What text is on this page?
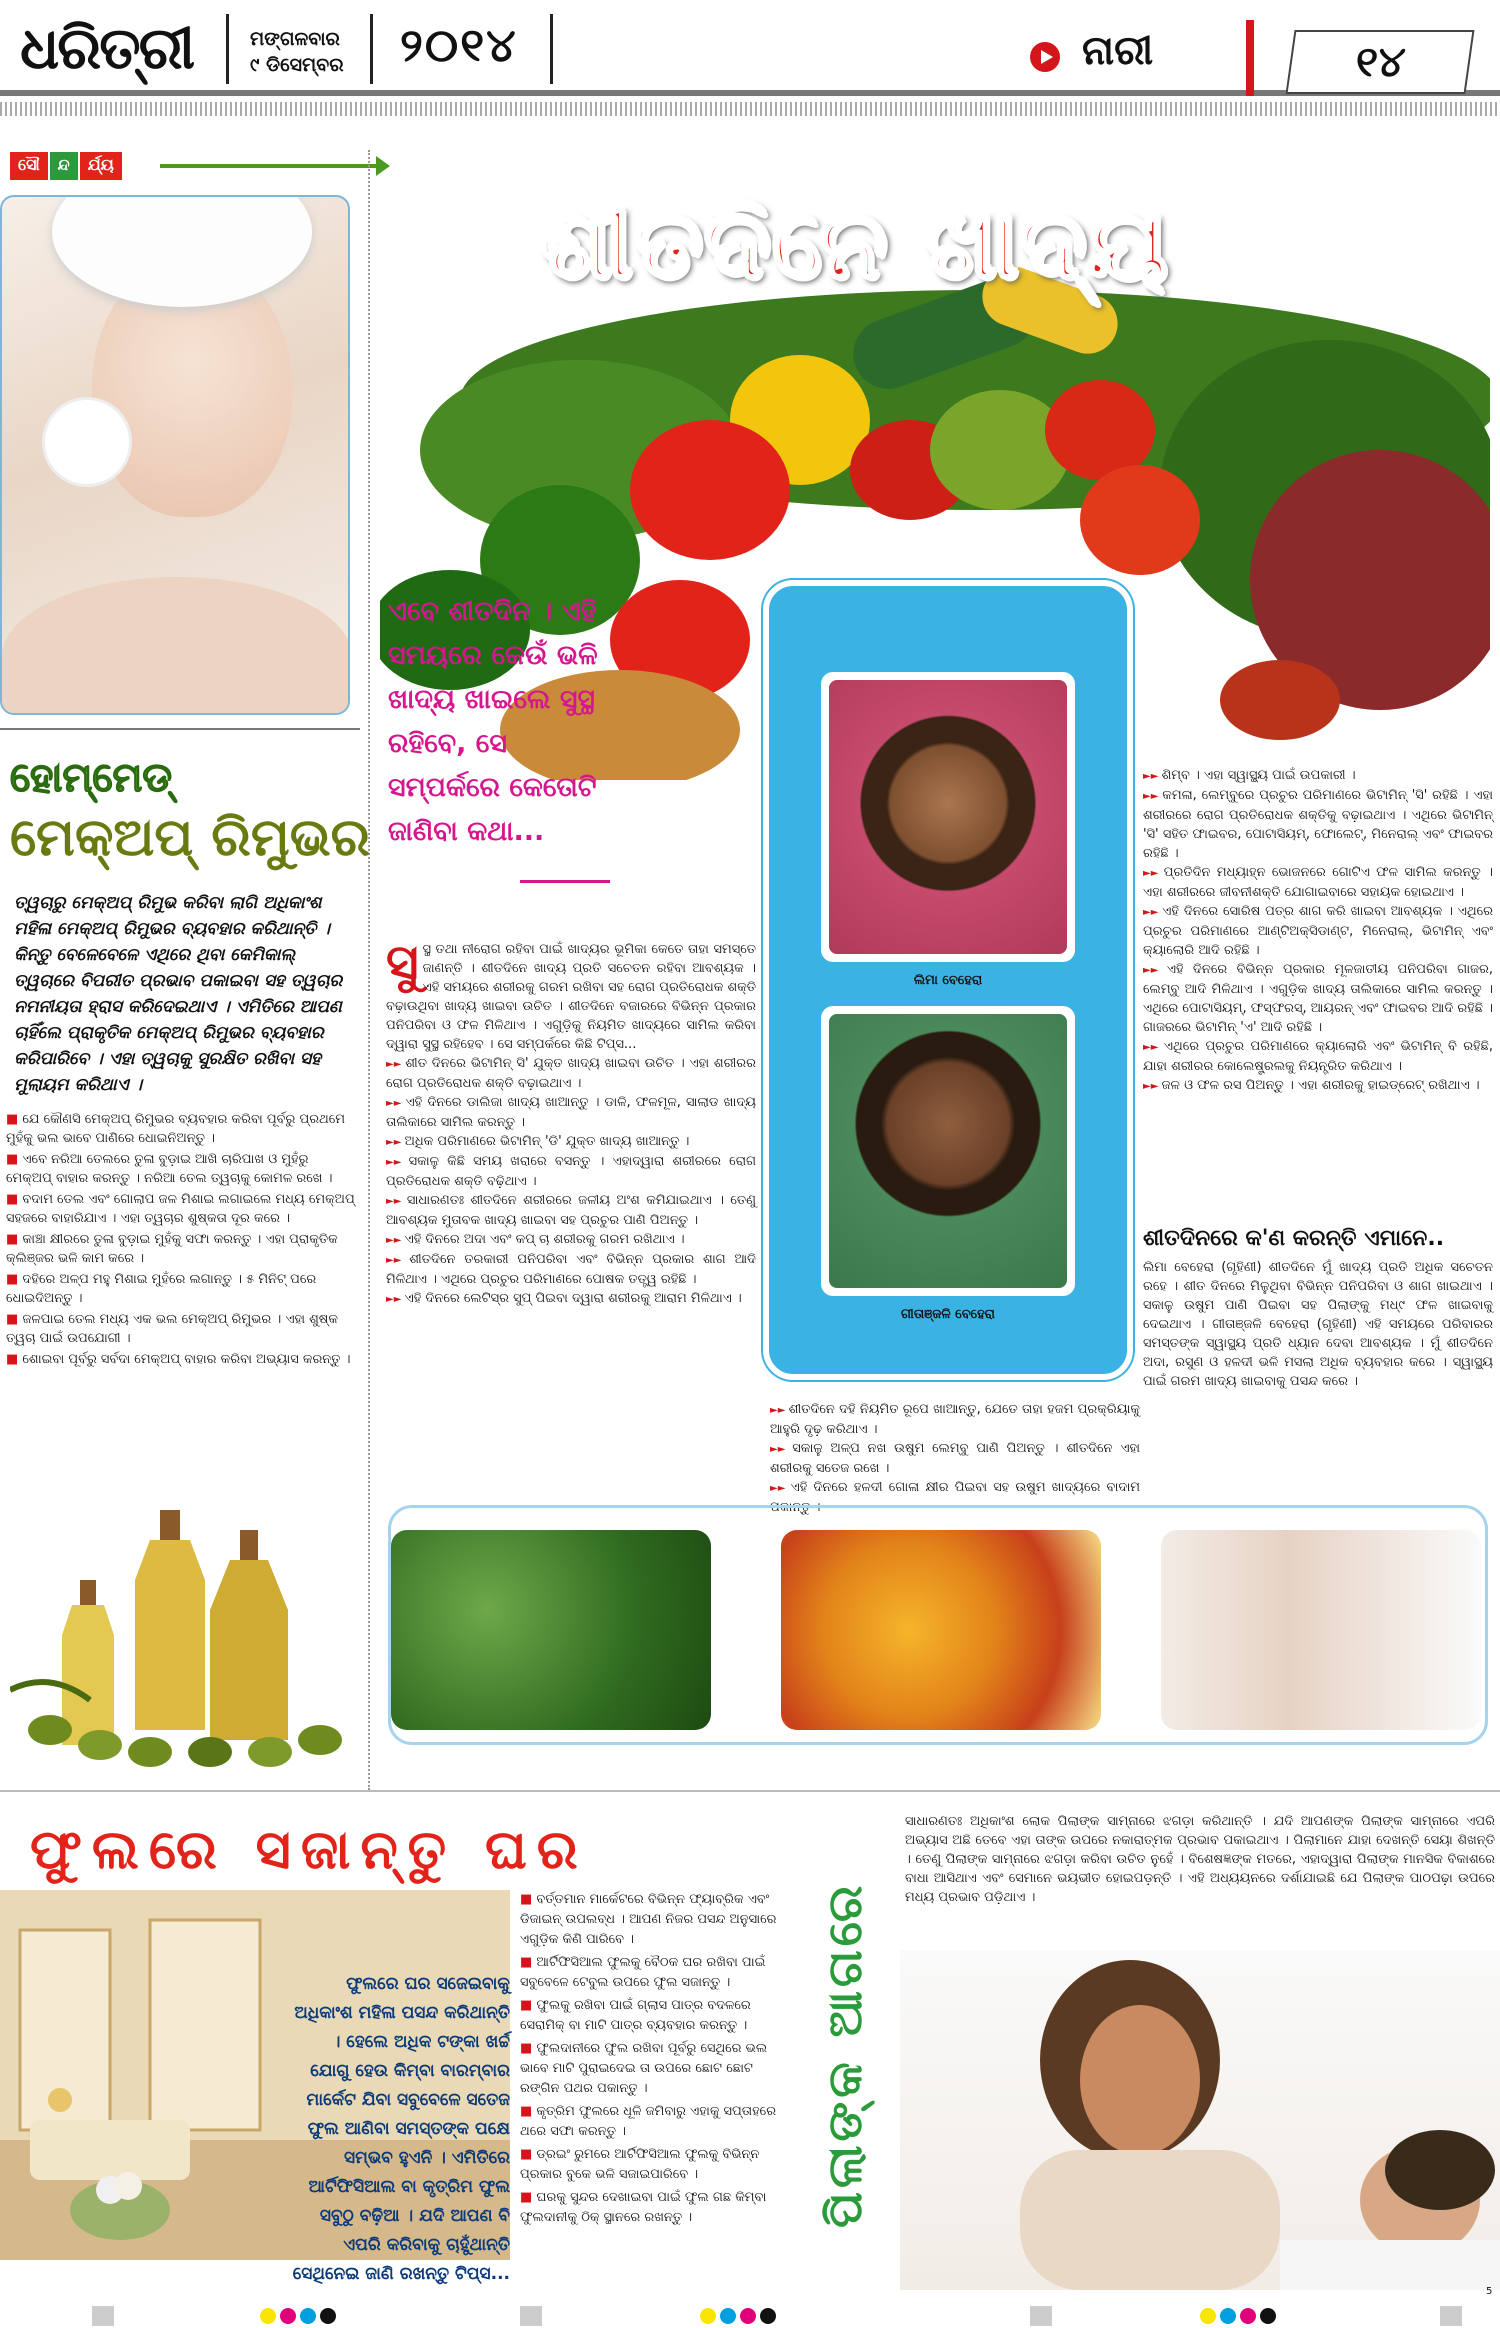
ଧରିତ୍ରୀ	ମଙ୍ଗଳବାର
୯ ଡିସେମ୍ବର ୨୦୧୪	ନାରୀ	୧୪
ସୌ	ନ୍ଦ	ର୍ଯ୍ୟ
ହୋମ୍‌ମେଡ୍‌
ମେକ୍‌ଅପ୍‌ ରିମୁଭର
ତ୍ୱଚାରୁ ମେକ୍‌ଅପ୍‌ ରିମୁଭ କରିବା ଲାଗି ଅଧିକାଂଶ ମହିଳା ମେକ୍‌ଅପ୍‌ ରିମୁଭର ବ୍ୟବହାର କରିଥାନ୍ତି । କିନ୍ତୁ ବେଳେବେଳେ ଏଥିରେ ଥିବା କେମିକାଲ୍‌ ତ୍ୱଚାରେ ବିପରୀତ ପ୍ରଭାବ ପକାଇବା ସହ ତ୍ୱଚାର ନମନୀୟତା ହ୍ରାସ କରିଦେଇଥାଏ । ଏମିତିରେ ଆପଣ ଚାହିଁଲେ ପ୍ରାକୃତିକ ମେକ୍‌ଅପ୍‌ ରିମୁଭର ବ୍ୟବହାର କରିପାରିବେ । ଏହା ତ୍ୱଚାକୁ ସୁରକ୍ଷିତ ରଖିବା ସହ ମୁଲାୟମ କରିଥାଏ ।

■ ଯେ କୌଣସି ମେକ୍‌ଅପ୍‌ ରିମୁଭର ବ୍ୟବହାର କରିବା ପୂର୍ବରୁ ପ୍ରଥମେ ମୁହଁକୁ ଭଲ ଭାବେ ପାଣିରେ ଧୋଇନିଅନ୍ତୁ ।

■ ଏବେ ନରିଆ ତେଲରେ ତୁଳା ବୁଡ଼ାଇ ଆଖି ଚାରିପାଖ ଓ ମୁହଁରୁ ମେକ୍‌ଅପ୍‌ ବାହାର କରନ୍ତୁ । ନରିଆ ତେଲ ତ୍ୱଚାକୁ କୋମଳ ରଖେ ।

■ ବଦାମ ତେଲ ଏବଂ ଗୋଲାପ ଜଳ ମିଶାଇ ଲଗାଇଲେ ମଧ୍ୟ ମେକ୍‌ଅପ୍‌ ସହଜରେ ବାହାରିଯାଏ । ଏହା ତ୍ୱଚାର ଶୁଷ୍କତା ଦୂର କରେ ।

■ କାଞ୍ଚା କ୍ଷୀରରେ ତୁଳା ବୁଡ଼ାଇ ମୁହଁକୁ ସଫା କରନ୍ତୁ । ଏହା ପ୍ରାକୃତିକ କ୍ଲିଞ୍ଜର ଭଳି କାମ କରେ ।

■ ଦହିରେ ଅଳ୍ପ ମହୁ ମିଶାଇ ମୁହଁରେ ଲଗାନ୍ତୁ । ୫ ମିନିଟ୍‌ ପରେ ଧୋଇଦିଅନ୍ତୁ ।

■ ଜଳପାଇ ତେଲ ମଧ୍ୟ ଏକ ଭଲ ମେକ୍‌ଅପ୍‌ ରିମୁଭର । ଏହା ଶୁଷ୍କ ତ୍ୱଚା ପାଇଁ ଉପଯୋଗୀ ।

■ ଶୋଇବା ପୂର୍ବରୁ ସର୍ବଦା ମେକ୍‌ଅପ୍‌ ବାହାର କରିବା ଅଭ୍ୟାସ କରନ୍ତୁ ।

ଶୀତଦିନେ ଖାଦ୍ୟ
ଏବେ ଶୀତଦିନ । ଏହି ସମୟରେ କେଉଁ ଭଳି ଖାଦ୍ୟ ଖାଇଲେ ସୁସ୍ଥ ରହିବେ, ସେ ସମ୍ପର୍କରେ କେତୋଟି ଜାଣିବା କଥା...
ଲିମା ବେହେରା
ଗୀତାଞ୍ଜଳି ବେହେରା
ସୁ ସ୍ଥ ତଥା ନୀରୋଗ ରହିବା ପାଇଁ ଖାଦ୍ୟର ଭୂମିକା କେତେ ତାହା ସମସ୍ତେ ଜାଣନ୍ତି । ଶୀତଦିନେ ଖାଦ୍ୟ ପ୍ରତି ସଚେତନ ରହିବା ଆବଶ୍ୟକ । ଏହି ସମୟରେ ଶରୀରକୁ ଗରମ ରଖିବା ସହ ରୋଗ ପ୍ରତିରୋଧକ ଶକ୍ତି ବଢ଼ାଉଥିବା ଖାଦ୍ୟ ଖାଇବା ଉଚିତ । ଶୀତଦିନେ ବଜାରରେ ବିଭିନ୍ନ ପ୍ରକାର ପନିପରିବା ଓ ଫଳ ମିଳିଥାଏ । ଏଗୁଡ଼ିକୁ ନିୟମିତ ଖାଦ୍ୟରେ ସାମିଲ କରିବା ଦ୍ୱାରା ସୁସ୍ଥ ରହିହେବ । ସେ ସମ୍ପର୍କରେ କିଛି ଟିପ୍ସ...

►► ଶୀତ ଦିନରେ ଭିଟାମିନ୍‌ ସି' ଯୁକ୍ତ ଖାଦ୍ୟ ଖାଇବା ଉଚିତ । ଏହା ଶରୀରର ରୋଗ ପ୍ରତିରୋଧକ ଶକ୍ତି ବଢ଼ାଇଥାଏ ।

►► ଏହି ଦିନରେ ଡାଲିଜା ଖାଦ୍ୟ ଖାଆନ୍ତୁ । ଡାଳି, ଫଳମୂଳ, ସାଲାଡ ଖାଦ୍ୟ ତାଲିକାରେ ସାମିଲ କରନ୍ତୁ ।

►► ଅଧିକ ପରିମାଣରେ ଭିଟାମିନ୍‌ 'ଡି' ଯୁକ୍ତ ଖାଦ୍ୟ ଖାଆନ୍ତୁ ।

►► ସକାଳୁ କିଛି ସମୟ ଖରାରେ ବସନ୍ତୁ । ଏହାଦ୍ୱାରା ଶରୀରରେ ରୋଗ ପ୍ରତିରୋଧକ ଶକ୍ତି ବଢ଼ିଥାଏ ।

►► ସାଧାରଣତଃ ଶୀତଦିନେ ଶରୀରରେ ଜଳୀୟ ଅଂଶ କମିଯାଇଥାଏ । ତେଣୁ ଆବଶ୍ୟକ ମୁତାବକ ଖାଦ୍ୟ ଖାଇବା ସହ ପ୍ରଚୁର ପାଣି ପିଅନ୍ତୁ ।

►► ଏହି ଦିନରେ ଅଦା ଏବଂ କପ୍‌ ଚା ଶରୀରକୁ ଗରମ ରଖିଥାଏ ।

►► ଶୀତଦିନେ ତରକାରୀ ପନିପରିବା ଏବଂ ବିଭିନ୍ନ ପ୍ରକାର ଶାଗ ଆଦି ମିଳିଥାଏ । ଏଥିରେ ପ୍ରଚୁର ପରିମାଣରେ ପୋଷକ ତତ୍ତ୍ୱ ରହିଛି ।

►► ଏହି ଦିନରେ ଲେଟିସ୍‌ର ସୁପ୍‌ ପିଇବା ଦ୍ୱାରା ଶରୀରକୁ ଆରାମ ମିଳିଥାଏ ।

►► ଶୀତଦିନେ ଦହି ନିୟମିତ ରୂପେ ଖାଆନ୍ତୁ, ଯେତେ ତାହା ହଜମ ପ୍ରକ୍ରିୟାକୁ ଆହୁରି ଦୃଢ଼ କରିଥାଏ ।

►► ସକାଳୁ ଅଳ୍ପ ନଖ ଉଷୁମ ଲେମ୍ବୁ ପାଣି ପିଅନ୍ତୁ । ଶୀତଦିନେ ଏହା ଶରୀରକୁ ସତେଜ ରଖେ ।

►► ଏହି ଦିନରେ ହଳଦୀ ଗୋଳା କ୍ଷୀର ପିଇବା ସହ ଉଷୁମ ଖାଦ୍ୟରେ ବାଦାମ ପକାନ୍ତୁ ।

►► ଶିମ୍ବ । ଏହା ସ୍ୱାସ୍ଥ୍ୟ ପାଇଁ ଉପକାରୀ ।

►► କମଳା, ଲେମ୍ବୁରେ ପ୍ରଚୁର ପରିମାଣରେ ଭିଟାମିନ୍‌ 'ସି' ରହିଛି । ଏହା ଶରୀରରେ ରୋଗ ପ୍ରତିରୋଧକ ଶକ୍ତିକୁ ବଢ଼ାଇଥାଏ । ଏଥିରେ ଭିଟାମିନ୍‌ 'ସି' ସହିତ ଫାଇବର, ପୋଟାସିୟମ୍‌, ଫୋଲେଟ୍‌, ମିନେରାଲ୍‌ ଏବଂ ଫାଇବର ରହିଛି ।

►► ପ୍ରତିଦିନ ମଧ୍ୟାହ୍ନ ଭୋଜନରେ ଗୋଟିଏ ଫଳ ସାମିଲ କରନ୍ତୁ । ଏହା ଶରୀରରେ ଜୀବନୀଶକ୍ତି ଯୋଗାଇବାରେ ସହାୟକ ହୋଇଥାଏ ।

►► ଏହି ଦିନରେ ସୋରିଷ ପତ୍ର ଶାଗ କରି ଖାଇବା ଆବଶ୍ୟକ । ଏଥିରେ ପ୍ରଚୁର ପରିମାଣରେ ଆଣ୍ଟିଅକ୍ସିଡାଣ୍ଟ, ମିନେରାଲ୍‌, ଭିଟାମିନ୍‌ ଏବଂ କ୍ୟାଲୋରି ଆଦି ରହିଛି ।

►► ଏହି ଦିନରେ ବିଭିନ୍ନ ପ୍ରକାର ମୂଳଜାତୀୟ ପନିପରିବା ଗାଜର, ଲେମ୍ବୁ ଆଦି ମିଳିଥାଏ । ଏଗୁଡ଼ିକ ଖାଦ୍ୟ ତାଲିକାରେ ସାମିଲ କରନ୍ତୁ । ଏଥିରେ ପୋଟାସିୟମ୍‌, ଫସ୍‌ଫରସ୍‌, ଆୟରନ୍‌ ଏବଂ ଫାଇବର ଆଦି ରହିଛି । ଗାଜରରେ ଭିଟାମିନ୍‌ 'ଏ' ଆଦି ରହିଛି ।

►► ଏଥିରେ ପ୍ରଚୁର ପରିମାଣରେ କ୍ୟାଲୋରି ଏବଂ ଭିଟାମିନ୍‌ ବି ରହିଛି, ଯାହା ଶରୀରର କୋଲେଷ୍ଟ୍ରଲକୁ ନିୟନ୍ତ୍ରିତ କରିଥାଏ ।

►► ଜଳ ଓ ଫଳ ରସ ପିଅନ୍ତୁ । ଏହା ଶରୀରକୁ ହାଇଡ୍ରେଟ୍‌ ରଖିଥାଏ ।

ଶୀତଦିନରେ କ'ଣ କରନ୍ତି ଏମାନେ..

ଲିମା ବେହେରା (ଗୃହିଣୀ) ଶୀତଦିନେ ମୁଁ ଖାଦ୍ୟ ପ୍ରତି ଅଧିକ ସଚେତନ ରହେ । ଶୀତ ଦିନରେ ମିଳୁଥିବା ବିଭିନ୍ନ ପନିପରିବା ଓ ଶାଗ ଖାଇଥାଏ । ସକାଳୁ ଉଷୁମ ପାଣି ପିଇବା ସହ ପିଲାଙ୍କୁ ମଧ୍୯ ଫଳ ଖାଇବାକୁ ଦେଇଥାଏ । ଗୀତାଞ୍ଜଳି ବେହେରା (ଗୃହିଣୀ) ଏହି ସମୟରେ ପରିବାରର ସମସ୍ତଙ୍କ ସ୍ୱାସ୍ଥ୍ୟ ପ୍ରତି ଧ୍ୟାନ ଦେବା ଆବଶ୍ୟକ । ମୁଁ ଶୀତଦିନେ ଅଦା, ରସୁଣ ଓ ହଳଦୀ ଭଳି ମସଲା ଅଧିକ ବ୍ୟବହାର କରେ । ସ୍ୱାସ୍ଥ୍ୟ ପାଇଁ ଗରମ ଖାଦ୍ୟ ଖାଇବାକୁ ପସନ୍ଦ କରେ ।

ଫୁଲରେ ସଜାନ୍ତୁ ଘର
ଫୁଲରେ ଘର ସଜେଇବାକୁ ଅଧିକାଂଶ ମହିଳା ପସନ୍ଦ କରିଥାନ୍ତି । ହେଲେ ଅଧିକ ଟଙ୍କା ଖର୍ଚ୍ଚ ଯୋଗୁ ହେଉ କିମ୍ବା ବାରମ୍ବାର ମାର୍କେଟ ଯିବା ସବୁବେଳେ ସତେଜ ଫୁଲ ଆଣିବା ସମସ୍ତଙ୍କ ପକ୍ଷେ ସମ୍ଭବ ହୁଏନି । ଏମିତିରେ ଆର୍ଟିଫିସିଆଲ ବା କୃତ୍ରିମ ଫୁଲ ସବୁଠୁ ବଢ଼ିଆ । ଯଦି ଆପଣ ବି ଏପରି କରିବାକୁ ଚାହୁଁଥାନ୍ତି ସେଥିନେଇ ଜାଣି ରଖନ୍ତୁ ଟିପ୍ସ...

■ ବର୍ତ୍ତମାନ ମାର୍କେଟରେ ବିଭିନ୍ନ ଫ୍ୟାବ୍ରିକ ଏବଂ ଡିଜାଇନ୍‌ ଉପଲବ୍ଧ । ଆପଣ ନିଜର ପସନ୍ଦ ଅନୁସାରେ ଏଗୁଡ଼ିକ କିଣି ପାରିବେ ।

■ ଆର୍ଟିଫିସିଆଲ ଫୁଲକୁ ବୈଠକ ଘର ରଖିବା ପାଇଁ ସବୁବେଳେ ଟେବୁଲ ଉପରେ ଫୁଲ ସଜାନ୍ତୁ ।

■ ଫୁଲକୁ ରଖିବା ପାଇଁ ଗ୍ଲାସ ପାତ୍ର ବଦଳରେ ସେରାମିକ୍‌ ବା ମାଟି ପାତ୍ର ବ୍ୟବହାର କରନ୍ତୁ ।

■ ଫୁଲଦାନୀରେ ଫୁଲ ରଖିବା ପୂର୍ବରୁ ସେଥିରେ ଭଲ ଭାବେ ମାଟି ପୁରାଇଦେଇ ତା ଉପରେ ଛୋଟ ଛୋଟ ରଙ୍ଗିନ ପଥର ପକାନ୍ତୁ ।

■ କୃତ୍ରିମ ଫୁଲରେ ଧୂଳି ଜମିବାରୁ ଏହାକୁ ସପ୍ତାହରେ ଥରେ ସଫା କରନ୍ତୁ ।

■ ଡ୍ରଇଂ ରୁମରେ ଆର୍ଟିଫିସିଆଲ ଫୁଲକୁ ବିଭିନ୍ନ ପ୍ରକାର ବୁକେ ଭଳି ସଜାଇପାରିବେ ।

■ ଘରକୁ ସୁନ୍ଦର ଦେଖାଇବା ପାଇଁ ଫୁଲ ଗଛ କିମ୍ବା ଫୁଲଦାନୀକୁ ଠିକ୍‌ ସ୍ଥାନରେ ରଖନ୍ତୁ ।	ପିଲାଙ୍କ ଆଗରେ
ସାଧାରଣତଃ ଅଧିକାଂଶ ଲୋକ ପିଲାଙ୍କ ସାମ୍ନାରେ ଝଗଡ଼ା କରିଥାନ୍ତି । ଯଦି ଆପଣଙ୍କ ପିଲାଙ୍କ ସାମ୍ନାରେ ଏପରି ଅଭ୍ୟାସ ଅଛି ତେବେ ଏହା ତାଙ୍କ ଉପରେ ନକାରାତ୍ମକ ପ୍ରଭାବ ପକାଇଥାଏ । ପିଲାମାନେ ଯାହା ଦେଖନ୍ତି ସେୟା ଶିଖନ୍ତି । ତେଣୁ ପିଲାଙ୍କ ସାମ୍ନାରେ ଝଗଡ଼ା କରିବା ଉଚିତ ନୁହେଁ । ବିଶେଷଜ୍ଞଙ୍କ ମତରେ, ଏହାଦ୍ୱାରା ପିଲାଙ୍କ ମାନସିକ ବିକାଶରେ ବାଧା ଆସିଥାଏ ଏବଂ ସେମାନେ ଭୟଭୀତ ହୋଇପଡ଼ନ୍ତି । ଏହି ଅଧ୍ୟୟନରେ ଦର୍ଶାଯାଇଛି ଯେ ପିଲାଙ୍କ ପାଠପଢ଼ା ଉପରେ ମଧ୍ୟ ପ୍ରଭାବ ପଡ଼ିଥାଏ ।
5
